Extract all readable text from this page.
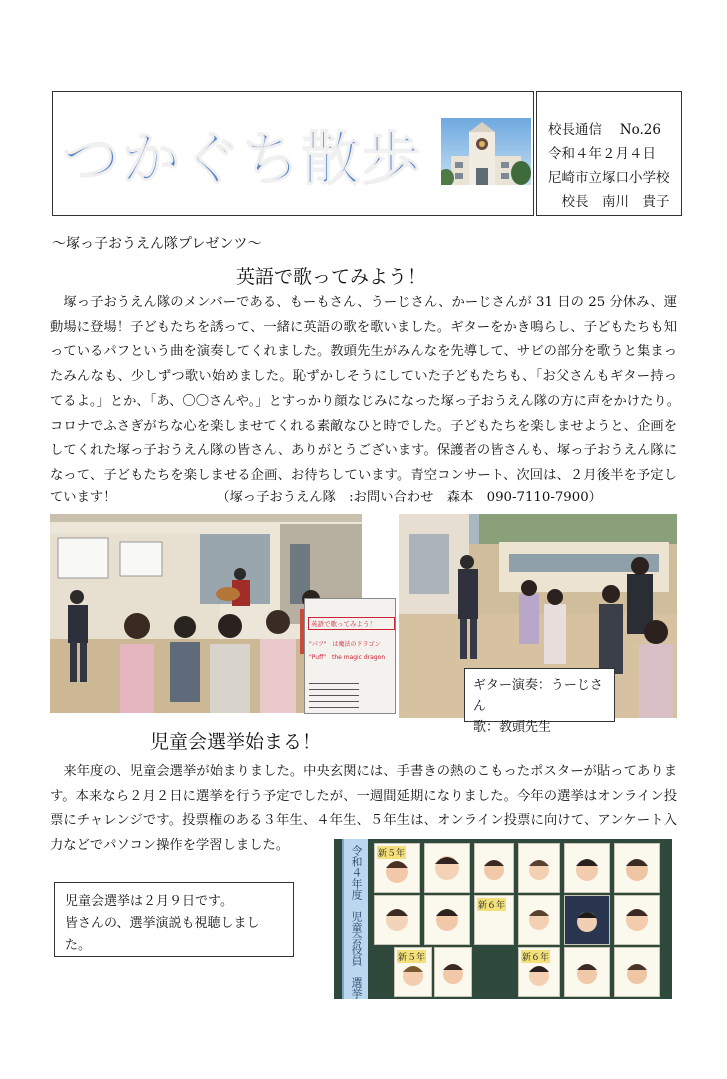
つかぐち散歩	校長通信　 No.26
令和４年２月４日
尼崎市立塚口小学校
　校長　南川　貴子
～塚っ子おうえん隊プレゼンツ～
英語で歌ってみよう！
　塚っ子おうえん隊のメンバーである、もーもさん、うーじさん、かーじさんが 31 日の 25 分休み、運
動場に登場！子どもたちを誘って、一緒に英語の歌を歌いました。ギターをかき鳴らし、子どもたちも知
っているパフという曲を演奏してくれました。教頭先生がみんなを先導して、サビの部分を歌うと集まっ
たみんなも、少しずつ歌い始めました。恥ずかしそうにしていた子どもたちも、「お父さんもギター持っ
てるよ。」とか、「あ、〇〇さんや。」とすっかり顔なじみになった塚っ子おうえん隊の方に声をかけたり。
コロナでふさぎがちな心を楽しませてくれる素敵なひと時でした。子どもたちを楽しませようと、企画を
してくれた塚っ子おうえん隊の皆さん、ありがとうございます。保護者の皆さんも、塚っ子おうえん隊に
なって、子どもたちを楽しませる企画、お待ちしています。青空コンサート、次回は、２月後半を予定し
ています！　　　　　　　　（塚っ子おうえん隊　:お問い合わせ　森本　090-7110-7900）
英語で歌ってみよう！
"パフ"　は魔法のドラゴン
"Puff"　the magic dragon
ギター演奏：うーじさん
歌：教頭先生
児童会選挙始まる！
　来年度の、児童会選挙が始まりました。中央玄関には、手書きの熱のこもったポスターが貼ってありま
す。本来なら２月２日に選挙を行う予定でしたが、一週間延期になりました。今年の選挙はオンライン投
票にチャレンジです。投票権のある３年生、４年生、５年生は、オンライン投票に向けて、アンケート入
力などでパソコン操作を学習しました。
児童会選挙は２月９日です。
皆さんの、選挙演説も視聴しました。	令和４年度　児童会役員　選挙 新５年
新６年
新５年	新６年
